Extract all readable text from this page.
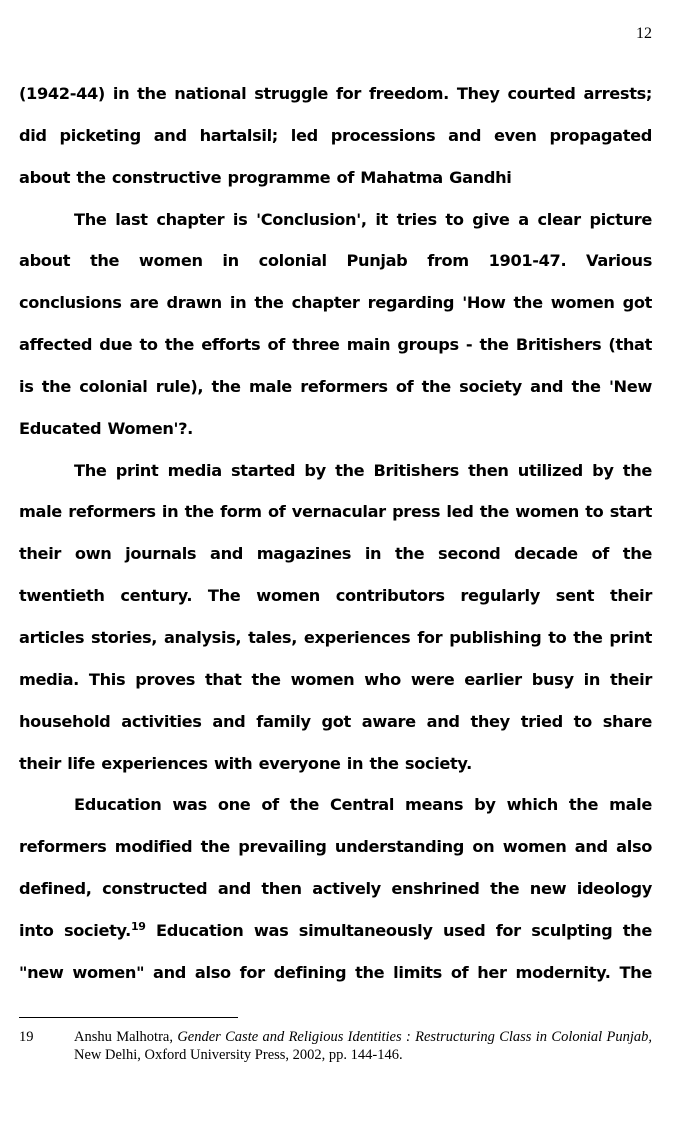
12

(1942-44) in the national struggle for freedom. They courted arrests; did picketing and hartalsil; led processions and even propagated about the constructive programme of Mahatma Gandhi

The last chapter is 'Conclusion', it tries to give a clear picture about the women in colonial Punjab from 1901-47. Various conclusions are drawn in the chapter regarding 'How the women got affected due to the efforts of three main groups - the Britishers (that is the colonial rule), the male reformers of the society and the 'New Educated Women'?.

The print media started by the Britishers then utilized by the male reformers in the form of vernacular press led the women to start their own journals and magazines in the second decade of the twentieth century. The women contributors regularly sent their articles stories, analysis, tales, experiences for publishing to the print media. This proves that the women who were earlier busy in their household activities and family got aware and they tried to share their life experiences with everyone in the society.

Education was one of the Central means by which the male reformers modified the prevailing understanding on women and also defined, constructed and then actively enshrined the new ideology into society.$^{19}$ Education was simultaneously used for sculpting the "new women" and also for defining the limits of her modernity. The

19	Anshu Malhotra, Gender Caste and Religious Identities : Restructuring Class in Colonial Punjab, New Delhi, Oxford University Press, 2002, pp. 144-146.
